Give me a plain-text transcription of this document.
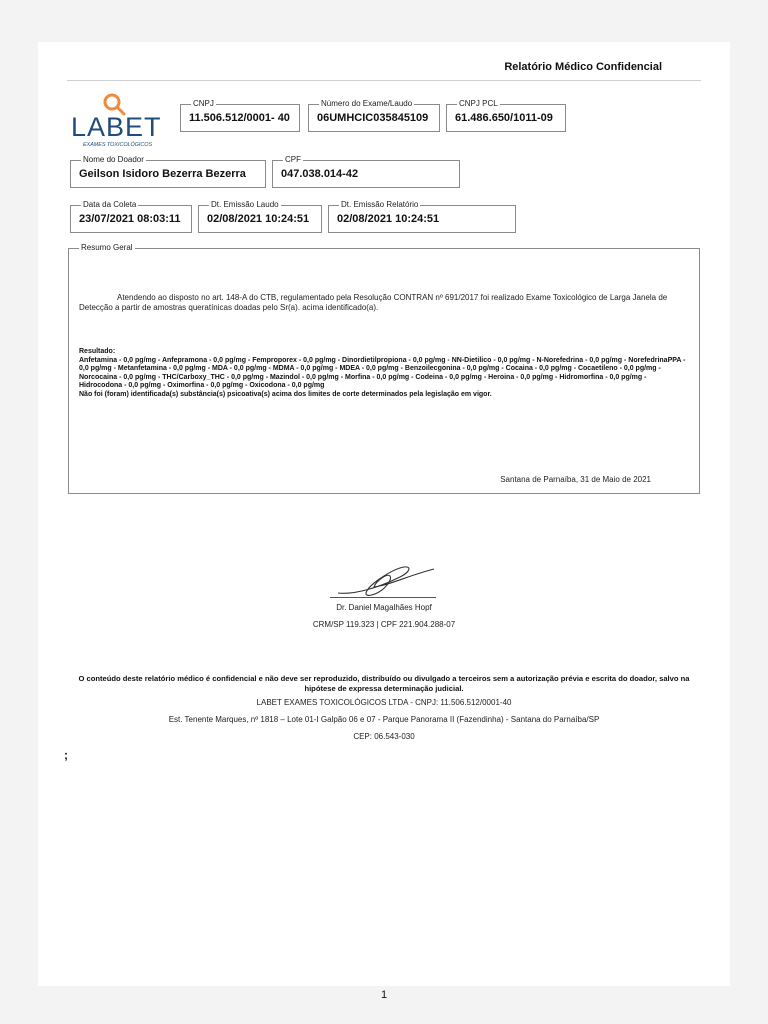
Relatório Médico Confidencial
LABET
EXAMES TOXICOLÓGICOS
CNPJ
11.506.512/0001- 40
Número do Exame/Laudo
06UMHCIC035845109
CNPJ PCL
61.486.650/1011-09
Nome do Doador
Geilson Isidoro Bezerra Bezerra
CPF
047.038.014-42
Data da Coleta
23/07/2021 08:03:11
Dt. Emissão Laudo
02/08/2021 10:24:51
Dt. Emissão Relatório
02/08/2021 10:24:51
Resumo Geral
Atendendo ao disposto no art. 148-A do CTB, regulamentado pela Resolução CONTRAN nº 691/2017 foi realizado Exame Toxicológico de Larga Janela de Detecção a partir de amostras queratínicas doadas pelo Sr(a). acima identificado(a).
Resultado:
Anfetamina - 0,0 pg/mg - Anfepramona - 0,0 pg/mg - Femproporex - 0,0 pg/mg - Dinordietilpropiona - 0,0 pg/mg - NN-Dietilico - 0,0 pg/mg - N-Norefedrina - 0,0 pg/mg - NorefedrinaPPA - 0,0 pg/mg - Metanfetamina - 0,0 pg/mg - MDA - 0,0 pg/mg - MDMA - 0,0 pg/mg - MDEA - 0,0 pg/mg - Benzoilecgonina - 0,0 pg/mg - Cocaina - 0,0 pg/mg - Cocaetileno - 0,0 pg/mg - Norcocaina - 0,0 pg/mg - THC/Carboxy_THC - 0,0 pg/mg - Mazindol - 0,0 pg/mg - Morfina - 0,0 pg/mg - Codeina - 0,0 pg/mg - Heroina - 0,0 pg/mg - Hidromorfina - 0,0 pg/mg - Hidrocodona - 0,0 pg/mg - Oximorfina - 0,0 pg/mg - Oxicodona - 0,0 pg/mg
Não foi (foram) identificada(s) substância(s) psicoativa(s) acima dos limites de corte determinados pela legislação em vigor.
Santana de Parnaíba, 31 de Maio de 2021
Dr. Daniel Magalhães Hopf
CRM/SP 119.323 | CPF 221.904.288-07
O conteúdo deste relatório médico é confidencial e não deve ser reproduzido, distribuído ou divulgado a terceiros sem a autorização prévia e escrita do doador, salvo na hipótese de expressa determinação judicial.
LABET EXAMES TOXICOLÓGICOS LTDA - CNPJ: 11.506.512/0001-40
Est. Tenente Marques, nº 1818 – Lote 01-I Galpão 06 e 07 - Parque Panorama II (Fazendinha) - Santana do Parnaíba/SP
CEP: 06.543-030
;
1
